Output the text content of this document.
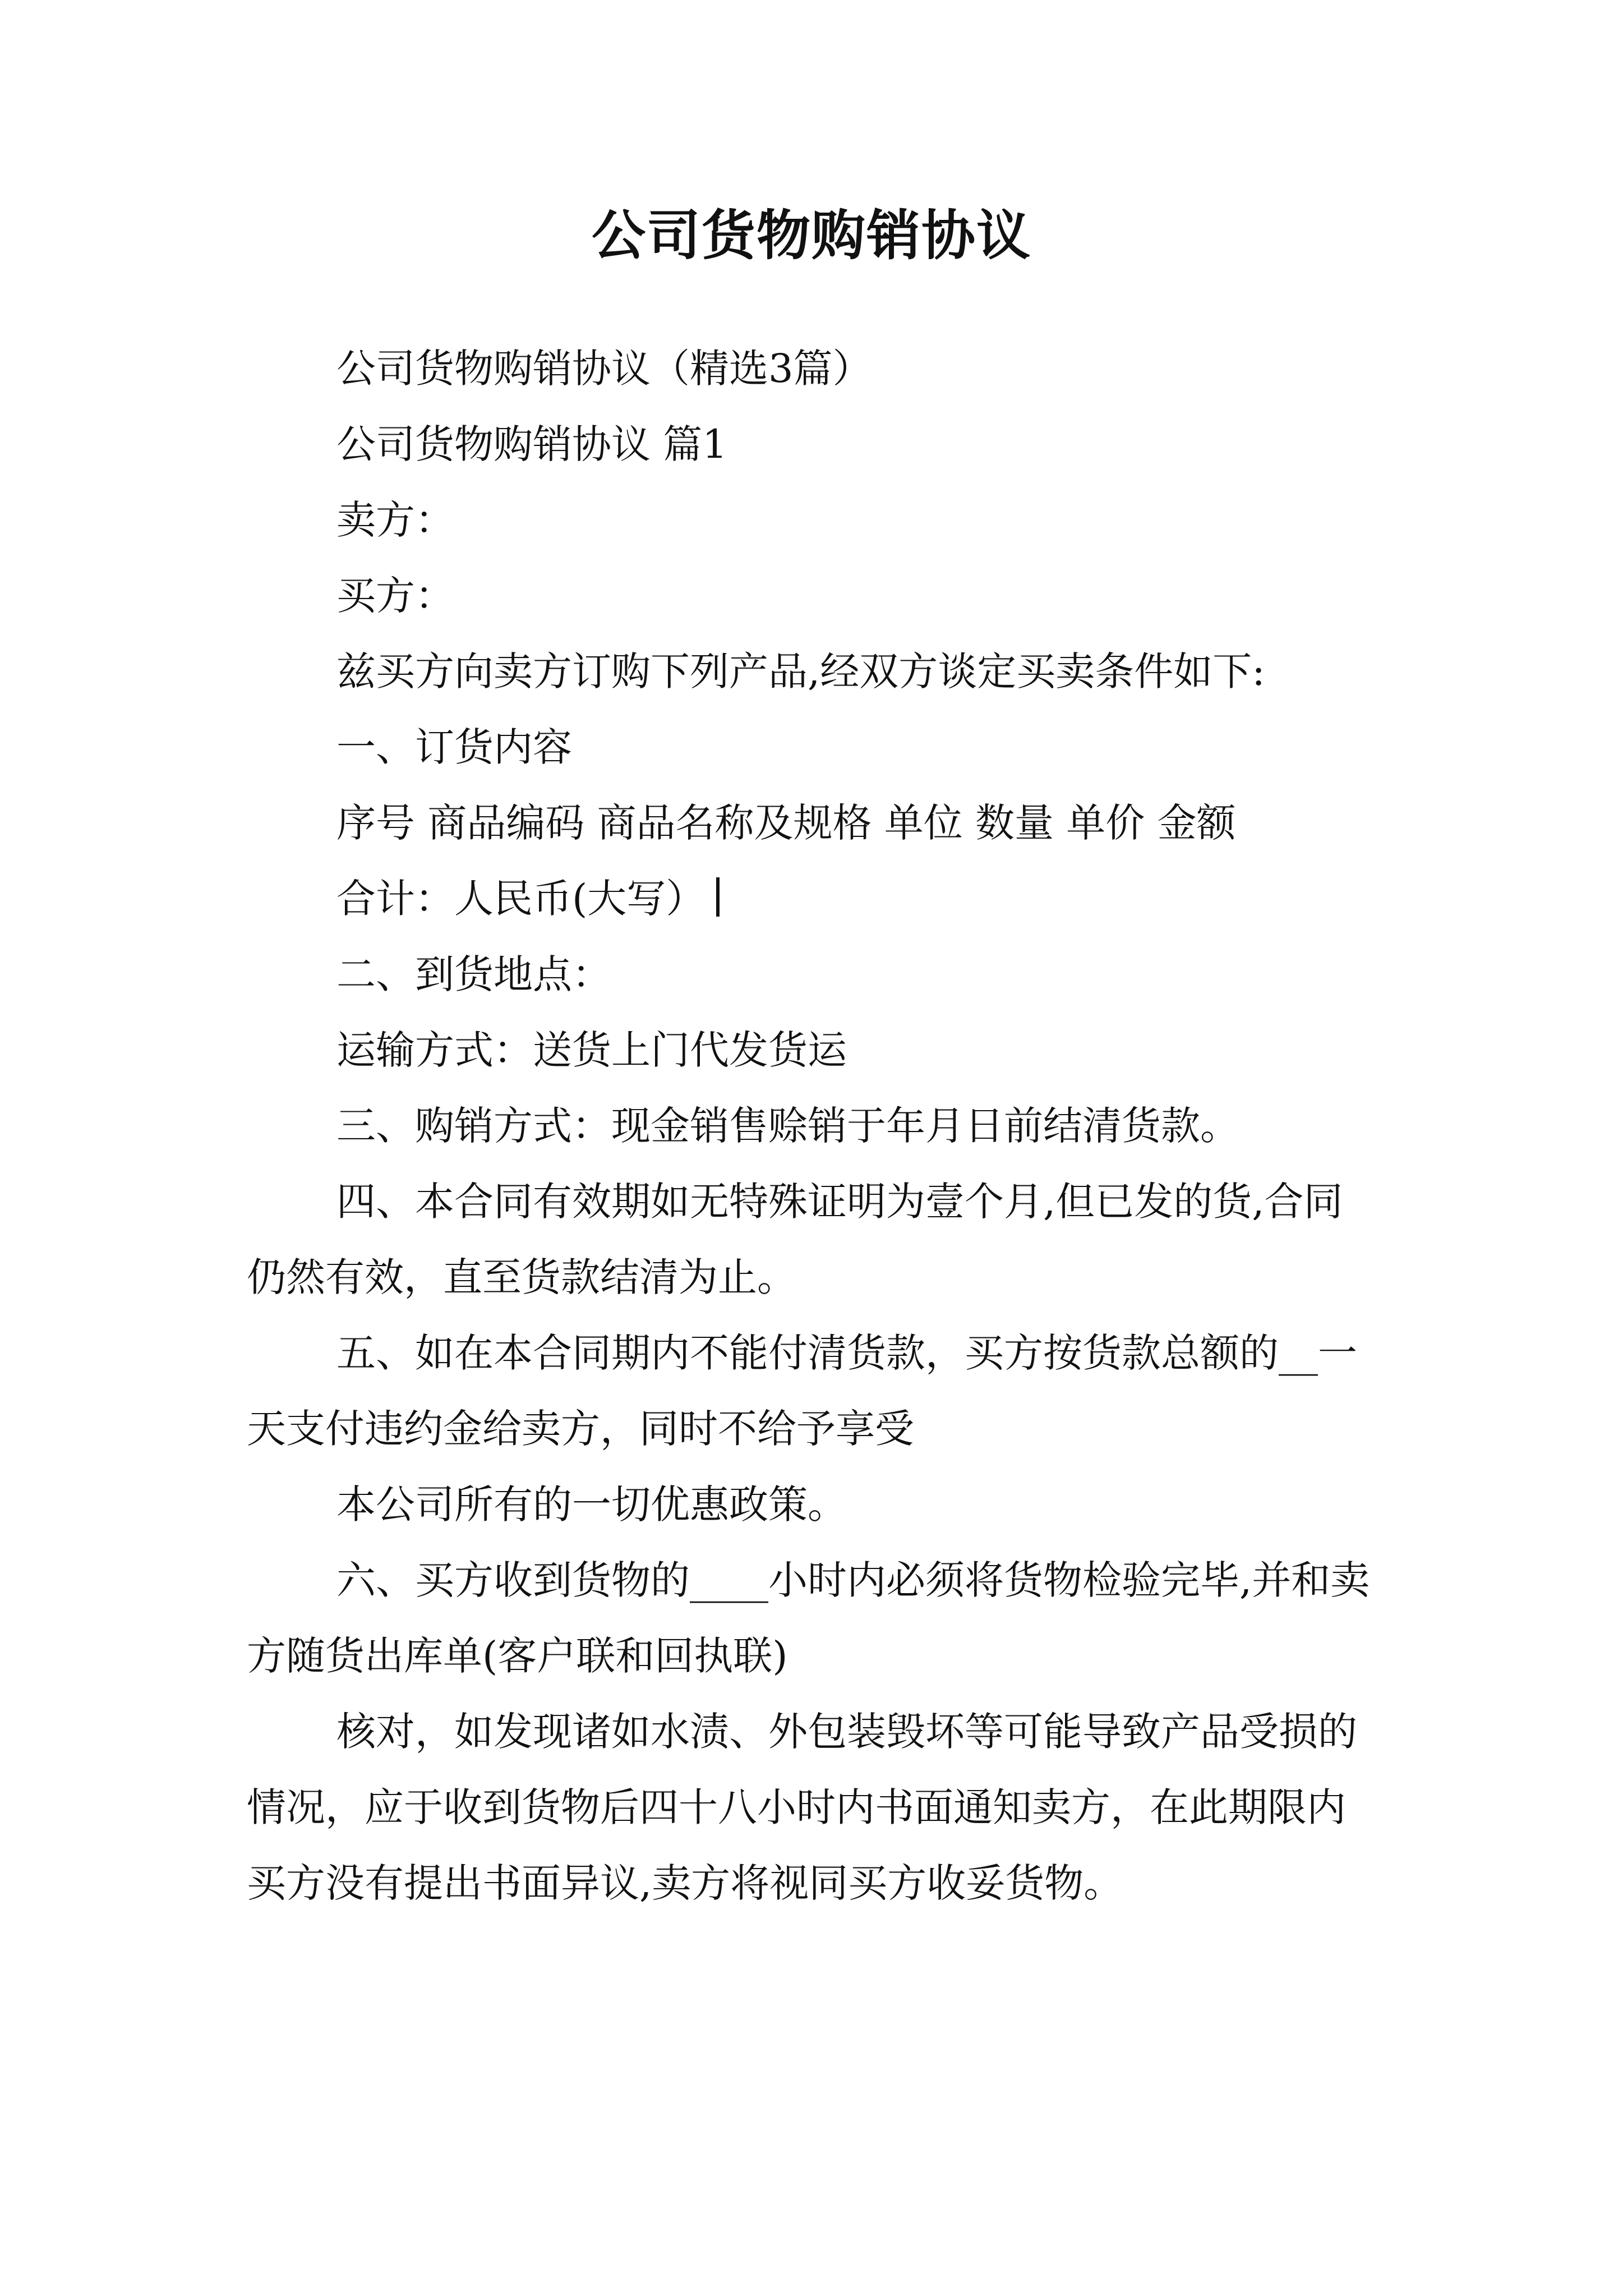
公司货物购销协议

公司货物购销协议（精选3篇）

公司货物购销协议 篇1

卖方：

买方：

兹买方向卖方订购下列产品,经双方谈定买卖条件如下:

一、订货内容

序号 商品编码 商品名称及规格 单位 数量 单价 金额

合计：人民币(大写）

二、到货地点：

运输方式：送货上门代发货运

三、购销方式：现金销售赊销于年月日前结清货款。

四、本合同有效期如无特殊证明为壹个月,但已发的货,合同仍然有效，直至货款结清为止。

五、如在本合同期内不能付清货款，买方按货款总额的__一天支付违约金给卖方，同时不给予享受

本公司所有的一切优惠政策。

六、买方收到货物的____小时内必须将货物检验完毕,并和卖方随货出库单(客户联和回执联)

核对，如发现诸如水渍、外包装毁坏等可能导致产品受损的情况，应于收到货物后四十八小时内书面通知卖方，在此期限内买方没有提出书面异议,卖方将视同买方收妥货物。
